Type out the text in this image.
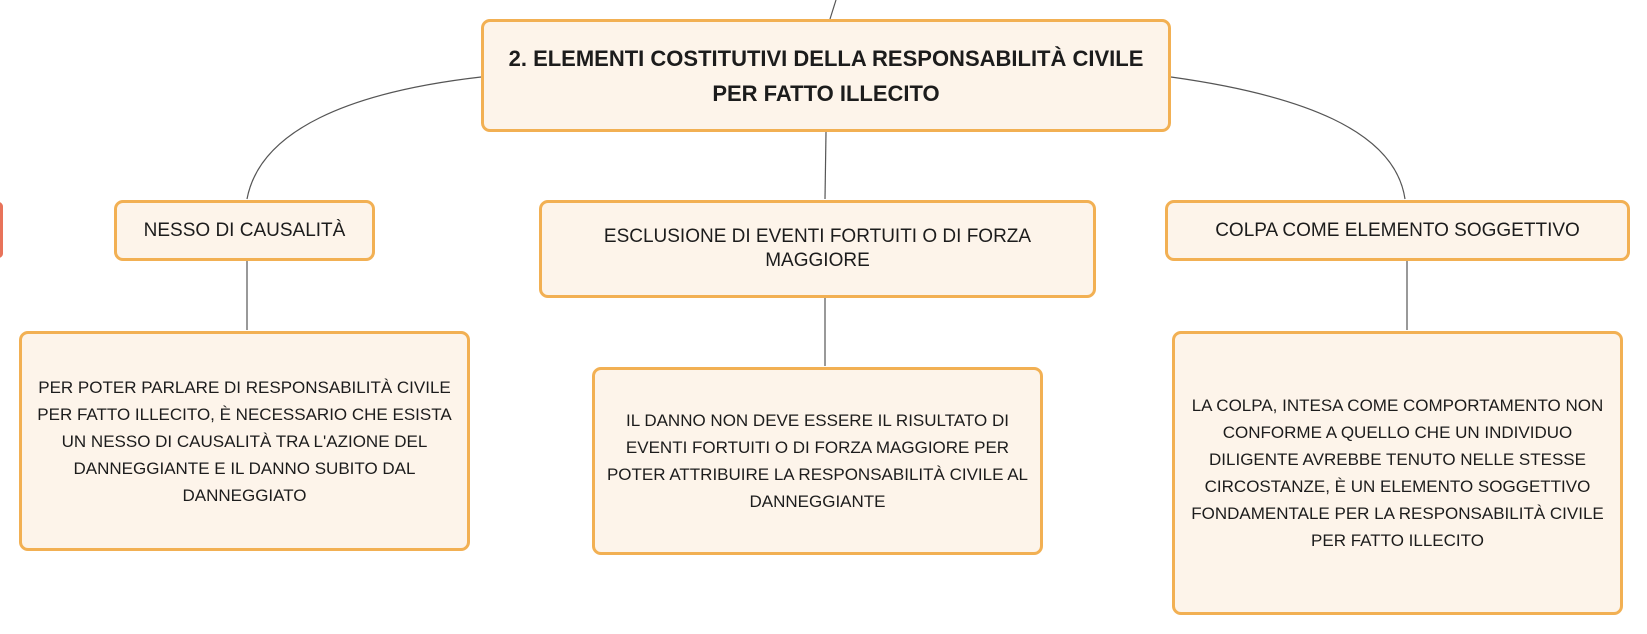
2. ELEMENTI COSTITUTIVI DELLA RESPONSABILITÀ CIVILE PER FATTO ILLECITO
NESSO DI CAUSALITÀ	ESCLUSIONE DI EVENTI FORTUITI O DI FORZA MAGGIORE
COLPA COME ELEMENTO SOGGETTIVO
PER POTER PARLARE DI RESPONSABILITÀ CIVILE PER FATTO ILLECITO, È NECESSARIO CHE ESISTA UN NESSO DI CAUSALITÀ TRA L'AZIONE DEL DANNEGGIANTE E IL DANNO SUBITO DAL DANNEGGIATO
IL DANNO NON DEVE ESSERE IL RISULTATO DI EVENTI FORTUITI O DI FORZA MAGGIORE PER POTER ATTRIBUIRE LA RESPONSABILITÀ CIVILE AL DANNEGGIANTE
LA COLPA, INTESA COME COMPORTAMENTO NON CONFORME A QUELLO CHE UN INDIVIDUO DILIGENTE AVREBBE TENUTO NELLE STESSE CIRCOSTANZE, È UN ELEMENTO SOGGETTIVO FONDAMENTALE PER LA RESPONSABILITÀ CIVILE PER FATTO ILLECITO
